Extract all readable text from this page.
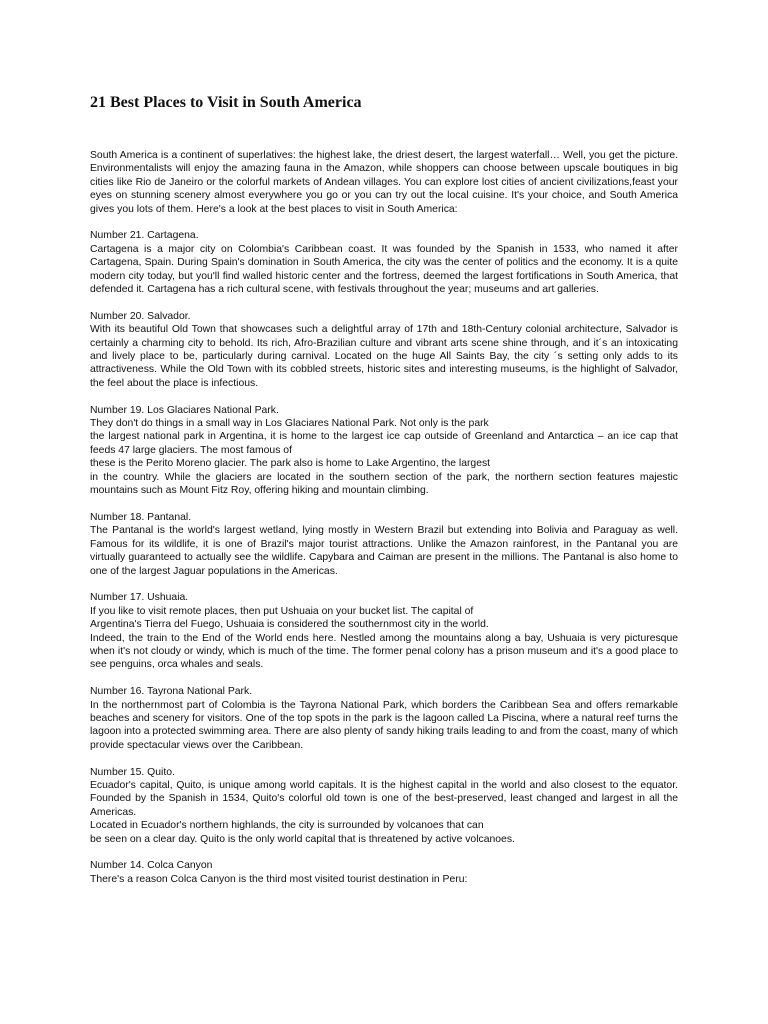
21 Best Places to Visit in South America

South America is a continent of superlatives: the highest lake, the driest desert, the largest waterfall… Well, you get the picture. Environmentalists will enjoy the amazing fauna in the Amazon, while shoppers can choose between upscale boutiques in big cities like Rio de Janeiro or the colorful markets of Andean villages. You can explore lost cities of ancient civilizations,feast your eyes on stunning scenery almost everywhere you go or you can try out the local cuisine. It's your choice, and South America gives you lots of them. Here's a look at the best places to visit in South America:

Number 21. Cartagena.
Cartagena is a major city on Colombia's Caribbean coast. It was founded by the Spanish in 1533, who named it after Cartagena, Spain. During Spain's domination in South America, the city was the center of politics and the economy. It is a quite modern city today, but you'll find walled historic center and the fortress, deemed the largest fortifications in South America, that defended it. Cartagena has a rich cultural scene, with festivals throughout the year; museums and art galleries.
Number 20. Salvador.
With its beautiful Old Town that showcases such a delightful array of 17th and 18th-Century colonial architecture, Salvador is certainly a charming city to behold. Its rich, Afro-Brazilian culture and vibrant arts scene shine through, and it´s an intoxicating and lively place to be, particularly during carnival. Located on the huge All Saints Bay, the city ´s setting only adds to its attractiveness. While the Old Town with its cobbled streets, historic sites and interesting museums, is the highlight of Salvador, the feel about the place is infectious.
Number 19. Los Glaciares National Park.
They don't do things in a small way in Los Glaciares National Park. Not only is the park
the largest national park in Argentina, it is home to the largest ice cap outside of Greenland and Antarctica – an ice cap that feeds 47 large glaciers. The most famous of
these is the Perito Moreno glacier. The park also is home to Lake Argentino, the largest
in the country. While the glaciers are located in the southern section of the park, the northern section features majestic mountains such as Mount Fitz Roy, offering hiking and mountain climbing.
Number 18. Pantanal.
The Pantanal is the world's largest wetland, lying mostly in Western Brazil but extending into Bolivia and Paraguay as well. Famous for its wildlife, it is one of Brazil's major tourist attractions. Unlike the Amazon rainforest, in the Pantanal you are virtually guaranteed to actually see the wildlife. Capybara and Caiman are present in the millions. The Pantanal is also home to one of the largest Jaguar populations in the Americas.
Number 17. Ushuaia.
If you like to visit remote places, then put Ushuaia on your bucket list. The capital of
Argentina's Tierra del Fuego, Ushuaia is considered the southernmost city in the world.
Indeed, the train to the End of the World ends here. Nestled among the mountains along a bay, Ushuaia is very picturesque when it's not cloudy or windy, which is much of the time. The former penal colony has a prison museum and it's a good place to see penguins, orca whales and seals.
Number 16. Tayrona National Park.
In the northernmost part of Colombia is the Tayrona National Park, which borders the Caribbean Sea and offers remarkable beaches and scenery for visitors. One of the top spots in the park is the lagoon called La Piscina, where a natural reef turns the lagoon into a protected swimming area. There are also plenty of sandy hiking trails leading to and from the coast, many of which provide spectacular views over the Caribbean.
Number 15. Quito.
Ecuador's capital, Quito, is unique among world capitals. It is the highest capital in the world and also closest to the equator. Founded by the Spanish in 1534, Quito's colorful old town is one of the best-preserved, least changed and largest in all the Americas.
Located in Ecuador's northern highlands, the city is surrounded by volcanoes that can
be seen on a clear day. Quito is the only world capital that is threatened by active volcanoes.
Number 14. Colca Canyon
There's a reason Colca Canyon is the third most visited tourist destination in Peru:
